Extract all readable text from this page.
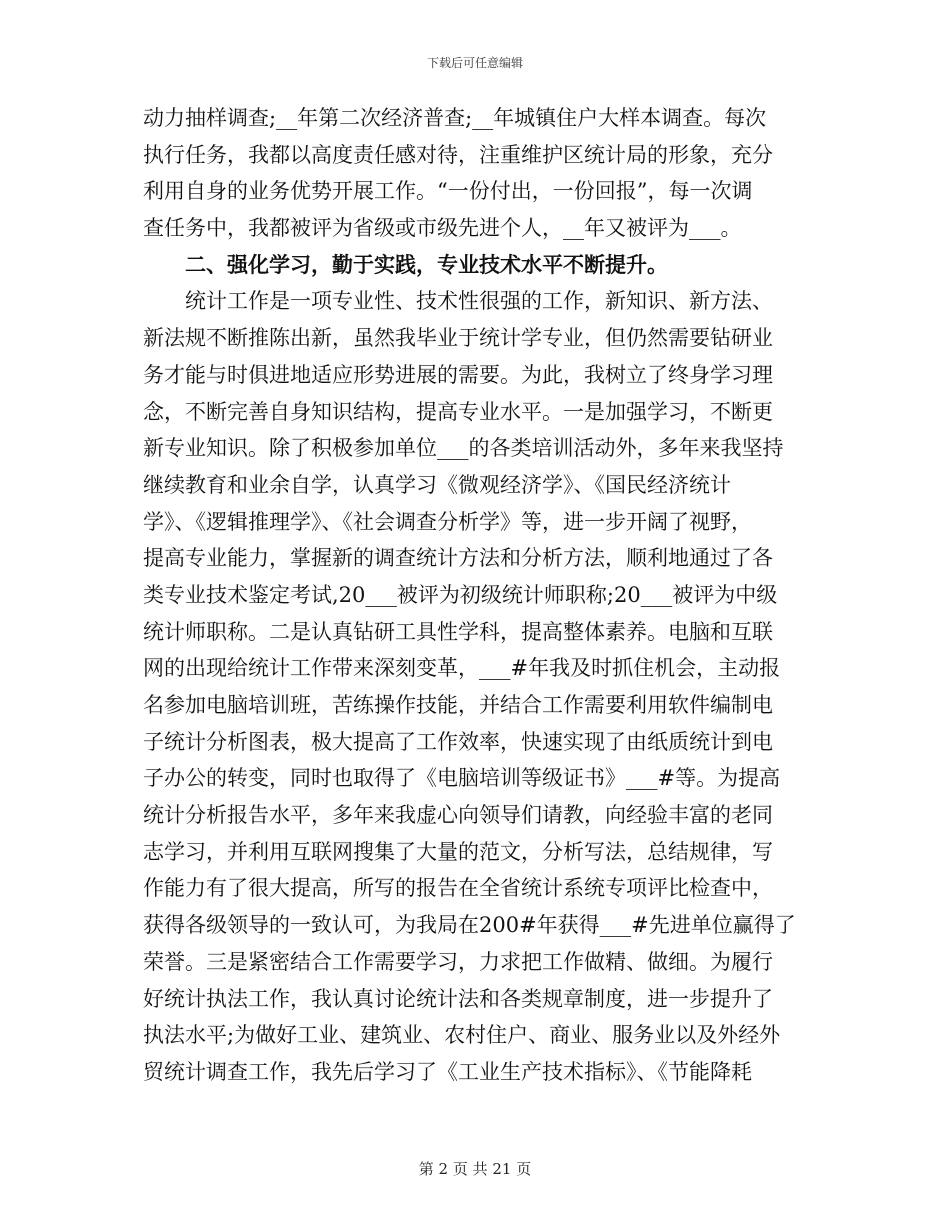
下载后可任意编辑
动力抽样调查;__年第二次经济普查;__年城镇住户大样本调查。每次
执行任务，我都以高度责任感对待，注重维护区统计局的形象，充分
利用自身的业务优势开展工作。“一份付出，一份回报”，每一次调
查任务中，我都被评为省级或市级先进个人，__年又被评为___。
二、强化学习，勤于实践，专业技术水平不断提升。
统计工作是一项专业性、技术性很强的工作，新知识、新方法、
新法规不断推陈出新，虽然我毕业于统计学专业，但仍然需要钻研业
务才能与时俱进地适应形势进展的需要。为此，我树立了终身学习理
念，不断完善自身知识结构，提高专业水平。一是加强学习，不断更
新专业知识。除了积极参加单位___的各类培训活动外，多年来我坚持
继续教育和业余自学，认真学习《微观经济学》、《国民经济统计
学》、《逻辑推理学》、《社会调查分析学》等，进一步开阔了视野，
提高专业能力，掌握新的调查统计方法和分析方法，顺利地通过了各
类专业技术鉴定考试,20___被评为初级统计师职称;20___被评为中级
统计师职称。二是认真钻研工具性学科，提高整体素养。电脑和互联
网的出现给统计工作带来深刻变革，___#年我及时抓住机会，主动报
名参加电脑培训班，苦练操作技能，并结合工作需要利用软件编制电
子统计分析图表，极大提高了工作效率，快速实现了由纸质统计到电
子办公的转变，同时也取得了《电脑培训等级证书》___#等。为提高
统计分析报告水平，多年来我虚心向领导们请教，向经验丰富的老同
志学习，并利用互联网搜集了大量的范文，分析写法，总结规律，写
作能力有了很大提高，所写的报告在全省统计系统专项评比检查中，
获得各级领导的一致认可，为我局在200#年获得___#先进单位赢得了
荣誉。三是紧密结合工作需要学习，力求把工作做精、做细。为履行
好统计执法工作，我认真讨论统计法和各类规章制度，进一步提升了
执法水平;为做好工业、建筑业、农村住户、商业、服务业以及外经外
贸统计调查工作，我先后学习了《工业生产技术指标》、《节能降耗
第 2 页 共 21 页
